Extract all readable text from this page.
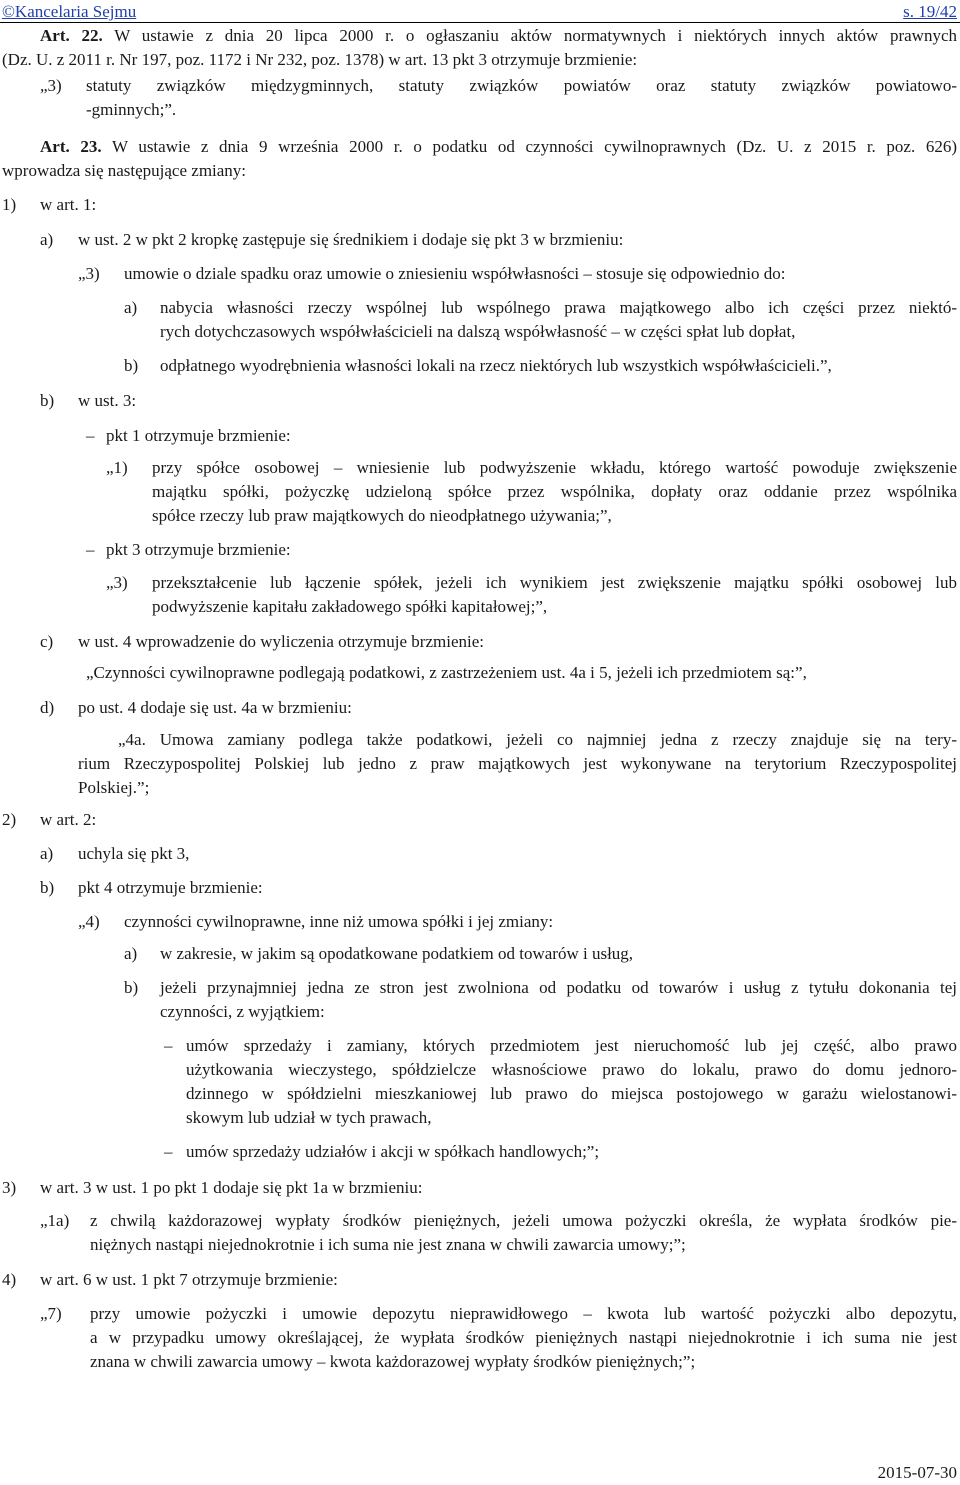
©Kancelaria Sejmu	s. 19/42
Art. 22. W ustawie z dnia 20 lipca 2000 r. o ogłaszaniu aktów normatywnych i niektórych innych aktów prawnych
(Dz. U. z 2011 r. Nr 197, poz. 1172 i Nr 232, poz. 1378) w art. 13 pkt 3 otrzymuje brzmienie:
„3) statuty związków międzygminnych, statuty związków powiatów oraz statuty związków powiatowo-
-gminnych;”.
Art. 23. W ustawie z dnia 9 września 2000 r. o podatku od czynności cywilnoprawnych (Dz. U. z 2015 r. poz. 626)
wprowadza się następujące zmiany:
1) w art. 1:
a) w ust. 2 w pkt 2 kropkę zastępuje się średnikiem i dodaje się pkt 3 w brzmieniu:
„3) umowie o dziale spadku oraz umowie o zniesieniu współwłasności – stosuje się odpowiednio do:
a) nabycia własności rzeczy wspólnej lub wspólnego prawa majątkowego albo ich części przez niektó-
rych dotychczasowych współwłaścicieli na dalszą współwłasność – w części spłat lub dopłat,
b) odpłatnego wyodrębnienia własności lokali na rzecz niektórych lub wszystkich współwłaścicieli.”,
b) w ust. 3:
– pkt 1 otrzymuje brzmienie:
„1) przy spółce osobowej – wniesienie lub podwyższenie wkładu, którego wartość powoduje zwiększenie
majątku spółki, pożyczkę udzieloną spółce przez wspólnika, dopłaty oraz oddanie przez wspólnika
spółce rzeczy lub praw majątkowych do nieodpłatnego używania;”,
– pkt 3 otrzymuje brzmienie:
„3) przekształcenie lub łączenie spółek, jeżeli ich wynikiem jest zwiększenie majątku spółki osobowej lub
podwyższenie kapitału zakładowego spółki kapitałowej;”,
c) w ust. 4 wprowadzenie do wyliczenia otrzymuje brzmienie:
„Czynności cywilnoprawne podlegają podatkowi, z zastrzeżeniem ust. 4a i 5, jeżeli ich przedmiotem są:”,
d) po ust. 4 dodaje się ust. 4a w brzmieniu:
„4a. Umowa zamiany podlega także podatkowi, jeżeli co najmniej jedna z rzeczy znajduje się na tery-
rium Rzeczypospolitej Polskiej lub jedno z praw majątkowych jest wykonywane na terytorium Rzeczypospolitej
Polskiej.”;
2) w art. 2:
a) uchyla się pkt 3,
b) pkt 4 otrzymuje brzmienie:
„4) czynności cywilnoprawne, inne niż umowa spółki i jej zmiany:
a) w zakresie, w jakim są opodatkowane podatkiem od towarów i usług,
b) jeżeli przynajmniej jedna ze stron jest zwolniona od podatku od towarów i usług z tytułu dokonania tej
czynności, z wyjątkiem:
– umów sprzedaży i zamiany, których przedmiotem jest nieruchomość lub jej część, albo prawo
użytkowania wieczystego, spółdzielcze własnościowe prawo do lokalu, prawo do domu jednoro-
dzinnego w spółdzielni mieszkaniowej lub prawo do miejsca postojowego w garażu wielostanowi-
skowym lub udział w tych prawach,
– umów sprzedaży udziałów i akcji w spółkach handlowych;”;
3) w art. 3 w ust. 1 po pkt 1 dodaje się pkt 1a w brzmieniu:
„1a) z chwilą każdorazowej wypłaty środków pieniężnych, jeżeli umowa pożyczki określa, że wypłata środków pie-
niężnych nastąpi niejednokrotnie i ich suma nie jest znana w chwili zawarcia umowy;”;
4) w art. 6 w ust. 1 pkt 7 otrzymuje brzmienie:
„7) przy umowie pożyczki i umowie depozytu nieprawidłowego – kwota lub wartość pożyczki albo depozytu,
a w przypadku umowy określającej, że wypłata środków pieniężnych nastąpi niejednokrotnie i ich suma nie jest
znana w chwili zawarcia umowy – kwota każdorazowej wypłaty środków pieniężnych;”;
2015-07-30
